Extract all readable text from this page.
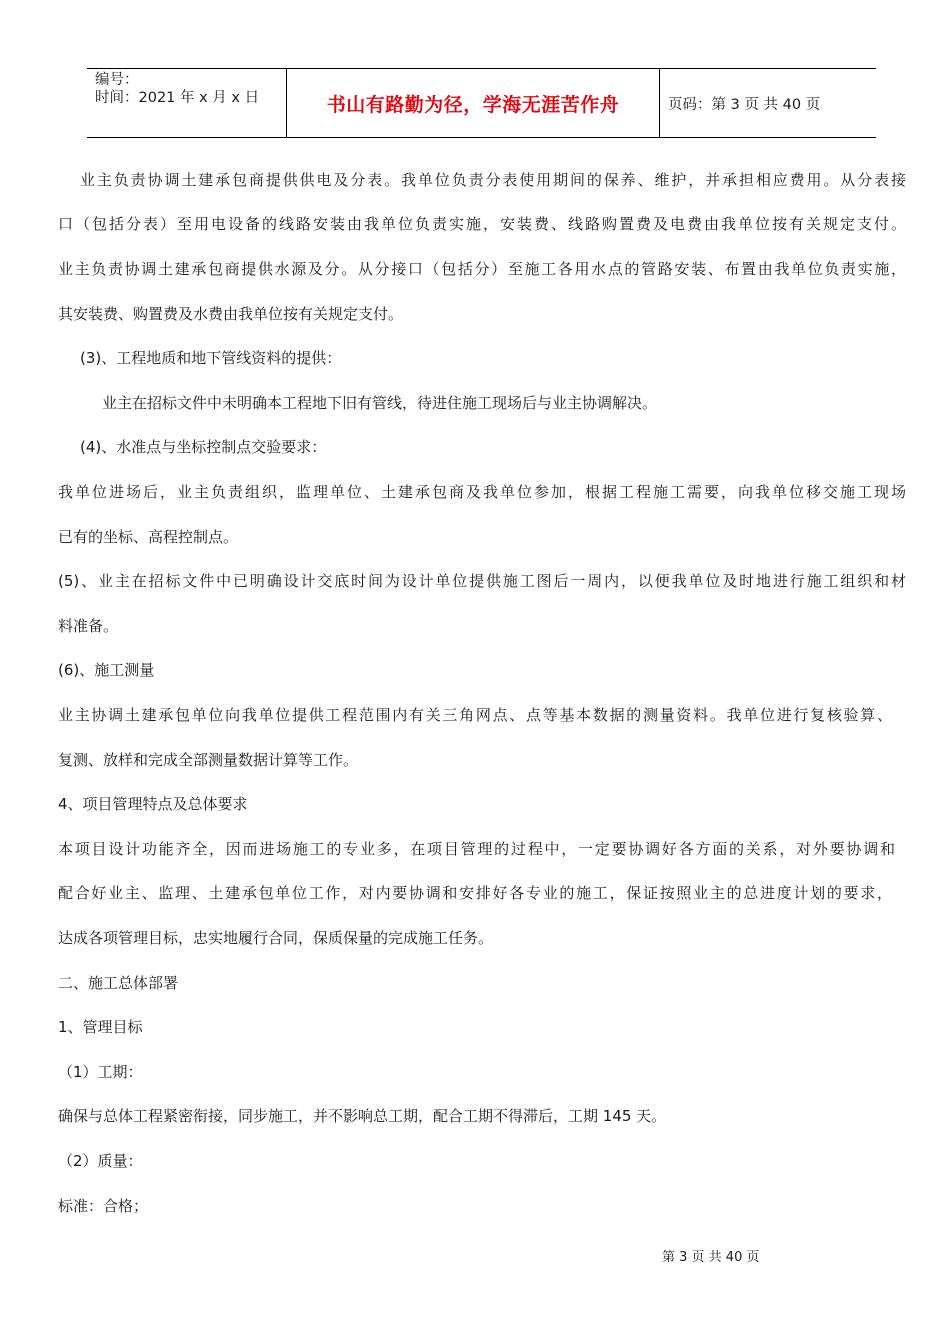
编号：
时间：2021 年 x 月 x 日	书山有路勤为径，学海无涯苦作舟	页码：第 3 页 共 40 页
业主负责协调土建承包商提供供电及分表。我单位负责分表使用期间的保养、维护，并承担相应费用。从分表接
口（包括分表）至用电设备的线路安装由我单位负责实施，安装费、线路购置费及电费由我单位按有关规定支付。
业主负责协调土建承包商提供水源及分。从分接口（包括分）至施工各用水点的管路安装、布置由我单位负责实施，
其安装费、购置费及水费由我单位按有关规定支付。
(3)、工程地质和地下管线资料的提供：
业主在招标文件中未明确本工程地下旧有管线，待进住施工现场后与业主协调解决。
(4)、水准点与坐标控制点交验要求：
我单位进场后，业主负责组织，监理单位、土建承包商及我单位参加，根据工程施工需要，向我单位移交施工现场
已有的坐标、高程控制点。
(5)、业主在招标文件中已明确设计交底时间为设计单位提供施工图后一周内，以便我单位及时地进行施工组织和材
料准备。
(6)、施工测量
业主协调土建承包单位向我单位提供工程范围内有关三角网点、点等基本数据的测量资料。我单位进行复核验算、
复测、放样和完成全部测量数据计算等工作。
4、项目管理特点及总体要求
本项目设计功能齐全，因而进场施工的专业多，在项目管理的过程中，一定要协调好各方面的关系，对外要协调和
配合好业主、监理、土建承包单位工作，对内要协调和安排好各专业的施工，保证按照业主的总进度计划的要求，
达成各项管理目标，忠实地履行合同，保质保量的完成施工任务。
二、施工总体部署
1、管理目标
（1）工期：
确保与总体工程紧密衔接，同步施工，并不影响总工期，配合工期不得滞后，工期 145 天。
（2）质量：
标准：合格；
第 3 页 共 40 页
